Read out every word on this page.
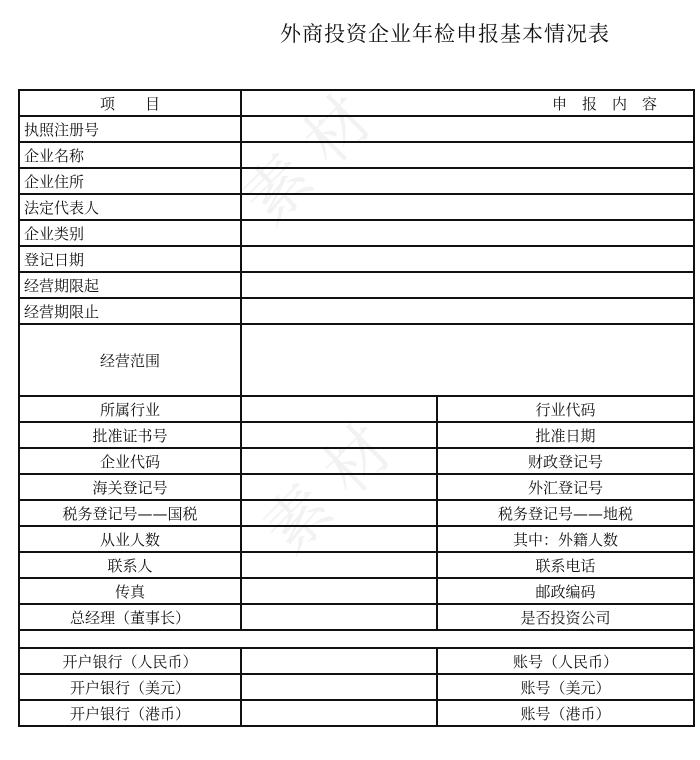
素 材
素 材
外商投资企业年检申报基本情况表
项　　目	申　报　内　容	
执照注册号		
企业名称		
企业住所		
法定代表人		
企业类别		
登记日期		
经营期限起		
经营期限止		
经营范围		
所属行业		行业代码
批准证书号		批准日期
企业代码		财政登记号
海关登记号		外汇登记号
税务登记号——国税		税务登记号——地税
从业人数		其中：外籍人数
联系人		联系电话
传真		邮政编码
总经理（董事长）		是否投资公司

开户银行（人民币）		账号（人民币）
开户银行（美元）		账号（美元）
开户银行（港币）		账号（港币）
